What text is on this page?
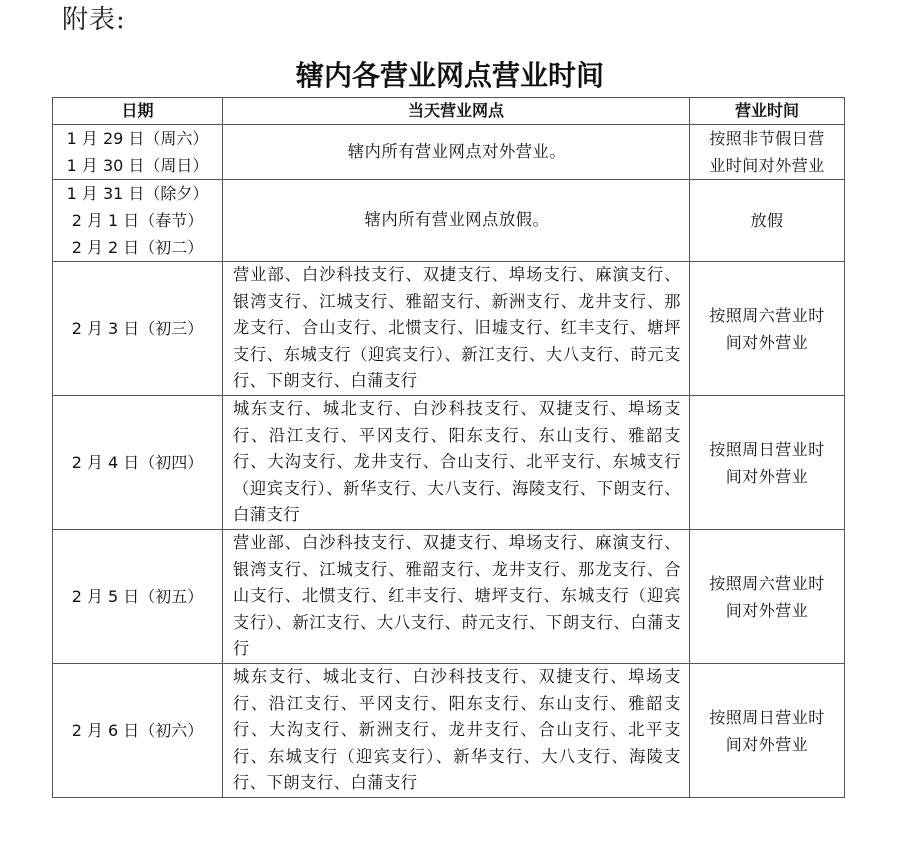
附表:
辖内各营业网点营业时间
日期	当天营业网点	营业时间

1 月 29 日（周六）
1 月 30 日（周日）	辖内所有营业网点对外营业。	按照非节假日营业时间对外营业

1 月 31 日（除夕）
2 月 1 日（春节）
2 月 2 日（初二）	辖内所有营业网点放假。	放假

2 月 3 日（初三）	营业部、白沙科技支行、双捷支行、埠场支行、麻演支行、银湾支行、江城支行、雅韶支行、新洲支行、龙井支行、那龙支行、合山支行、北惯支行、旧墟支行、红丰支行、塘坪支行、东城支行（迎宾支行）、新江支行、大八支行、莳元支行、下朗支行、白蒲支行	按照周六营业时间对外营业

2 月 4 日（初四）	城东支行、城北支行、白沙科技支行、双捷支行、埠场支行、沿江支行、平冈支行、阳东支行、东山支行、雅韶支行、大沟支行、龙井支行、合山支行、北平支行、东城支行（迎宾支行）、新华支行、大八支行、海陵支行、下朗支行、白蒲支行	按照周日营业时间对外营业

2 月 5 日（初五）	营业部、白沙科技支行、双捷支行、埠场支行、麻演支行、银湾支行、江城支行、雅韶支行、龙井支行、那龙支行、合山支行、北惯支行、红丰支行、塘坪支行、东城支行（迎宾支行）、新江支行、大八支行、莳元支行、下朗支行、白蒲支行	按照周六营业时间对外营业

2 月 6 日（初六）	城东支行、城北支行、白沙科技支行、双捷支行、埠场支行、沿江支行、平冈支行、阳东支行、东山支行、雅韶支行、大沟支行、新洲支行、龙井支行、合山支行、北平支行、东城支行（迎宾支行）、新华支行、大八支行、海陵支行、下朗支行、白蒲支行	按照周日营业时间对外营业
